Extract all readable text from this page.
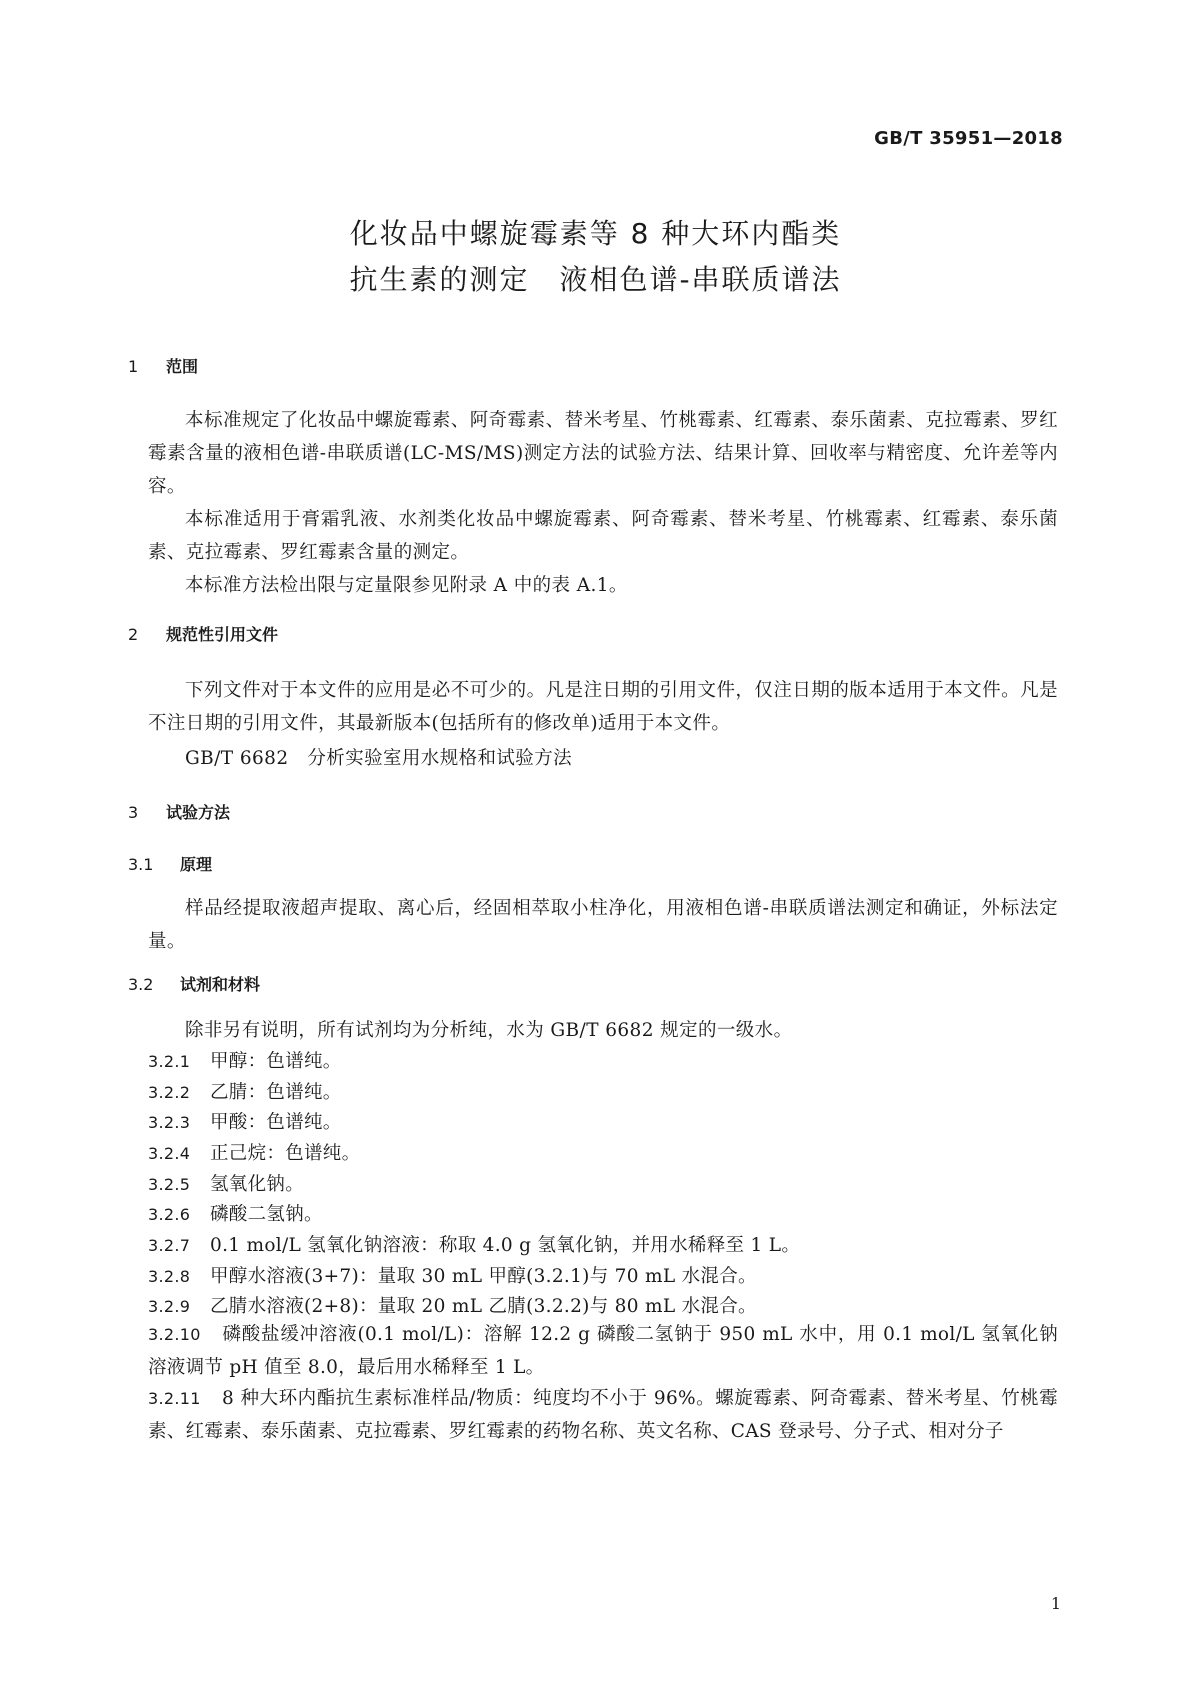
GB/T 35951—2018
化妆品中螺旋霉素等 8 种大环内酯类
抗生素的测定　液相色谱-串联质谱法
1 范围
本标准规定了化妆品中螺旋霉素、阿奇霉素、替米考星、竹桃霉素、红霉素、泰乐菌素、克拉霉素、罗红霉素含量的液相色谱-串联质谱(LC-MS/MS)测定方法的试验方法、结果计算、回收率与精密度、允许差等内容。
本标准适用于膏霜乳液、水剂类化妆品中螺旋霉素、阿奇霉素、替米考星、竹桃霉素、红霉素、泰乐菌素、克拉霉素、罗红霉素含量的测定。
本标准方法检出限与定量限参见附录 A 中的表 A.1。
2 规范性引用文件
下列文件对于本文件的应用是必不可少的。凡是注日期的引用文件，仅注日期的版本适用于本文件。凡是不注日期的引用文件，其最新版本(包括所有的修改单)适用于本文件。
GB/T 6682　分析实验室用水规格和试验方法
3 试验方法
3.1 原理
样品经提取液超声提取、离心后，经固相萃取小柱净化，用液相色谱-串联质谱法测定和确证，外标法定量。
3.2 试剂和材料
除非另有说明，所有试剂均为分析纯，水为 GB/T 6682 规定的一级水。
3.2.1 甲醇：色谱纯。
3.2.2 乙腈：色谱纯。
3.2.3 甲酸：色谱纯。
3.2.4 正己烷：色谱纯。
3.2.5 氢氧化钠。
3.2.6 磷酸二氢钠。
3.2.7 0.1 mol/L 氢氧化钠溶液：称取 4.0 g 氢氧化钠，并用水稀释至 1 L。
3.2.8 甲醇水溶液(3+7)：量取 30 mL 甲醇(3.2.1)与 70 mL 水混合。
3.2.9 乙腈水溶液(2+8)：量取 20 mL 乙腈(3.2.2)与 80 mL 水混合。
3.2.10 磷酸盐缓冲溶液(0.1 mol/L)：溶解 12.2 g 磷酸二氢钠于 950 mL 水中，用 0.1 mol/L 氢氧化钠溶液调节 pH 值至 8.0，最后用水稀释至 1 L。
3.2.11 8 种大环内酯抗生素标准样品/物质：纯度均不小于 96%。螺旋霉素、阿奇霉素、替米考星、竹桃霉素、红霉素、泰乐菌素、克拉霉素、罗红霉素的药物名称、英文名称、CAS 登录号、分子式、相对分子
1
